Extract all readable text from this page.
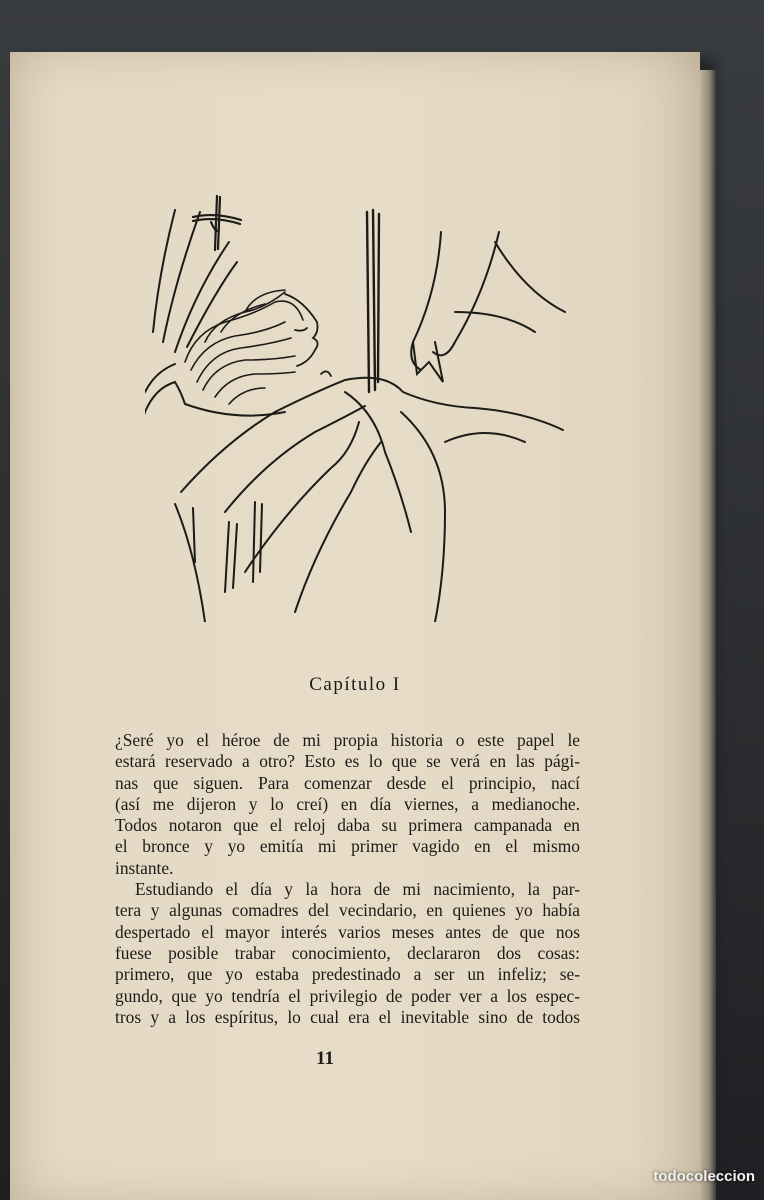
Capítulo I
¿Seré yo el héroe de mi propia historia o este papel le
estará reservado a otro? Esto es lo que se verá en las pági-
nas que siguen. Para comenzar desde el principio, nací
(así me dijeron y lo creí) en día viernes, a medianoche.
Todos notaron que el reloj daba su primera campanada en
el bronce y yo emitía mi primer vagido en el mismo
instante.
Estudiando el día y la hora de mi nacimiento, la par-
tera y algunas comadres del vecindario, en quienes yo había
despertado el mayor interés varios meses antes de que nos
fuese posible trabar conocimiento, declararon dos cosas:
primero, que yo estaba predestinado a ser un infeliz; se-
gundo, que yo tendría el privilegio de poder ver a los espec-
tros y a los espíritus, lo cual era el inevitable sino de todos
11
todocoleccion
